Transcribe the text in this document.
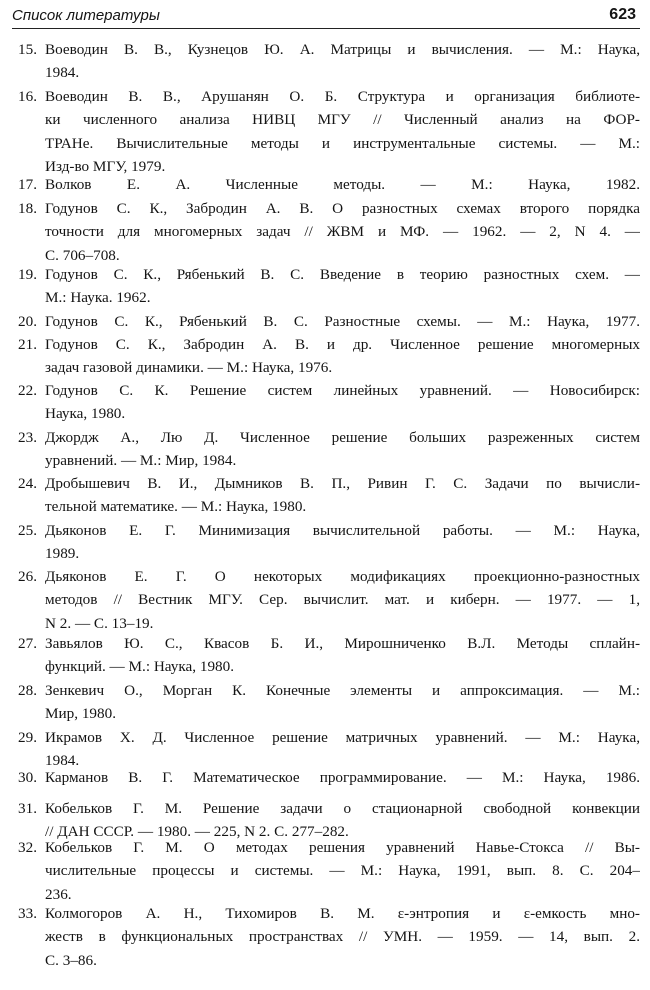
Список литературы	623
15. Воеводин В. В., Кузнецов Ю. А. Матрицы и вычисления. — М.: Наука,
1984.
16. Воеводин В. В., Арушанян О. Б. Структура и организация библиоте-
ки численного анализа НИВЦ МГУ // Численный анализ на ФОР-
ТРАНе. Вычислительные методы и инструментальные системы. — М.:
Изд-во МГУ, 1979.
17. Волков Е. А. Численные методы. — М.: Наука, 1982.
18. Годунов С. К., Забродин А. В. О разностных схемах второго порядка
точности для многомерных задач // ЖВМ и МФ. — 1962. — 2, N 4. —
С. 706–708.
19. Годунов С. К., Рябенький В. С. Введение в теорию разностных схем. —
М.: Наука. 1962.
20. Годунов С. К., Рябенький В. С. Разностные схемы. — М.: Наука, 1977.
21. Годунов С. К., Забродин А. В. и др. Численное решение многомерных
задач газовой динамики. — М.: Наука, 1976.
22. Годунов С. К. Решение систем линейных уравнений. — Новосибирск:
Наука, 1980.
23. Джордж А., Лю Д. Численное решение больших разреженных систем
уравнений. — М.: Мир, 1984.
24. Дробышевич В. И., Дымников В. П., Ривин Г. С. Задачи по вычисли-
тельной математике. — М.: Наука, 1980.
25. Дьяконов Е. Г. Минимизация вычислительной работы. — М.: Наука,
1989.
26. Дьяконов Е. Г. О некоторых модификациях проекционно-разностных
методов // Вестник МГУ. Сер. вычислит. мат. и киберн. — 1977. — 1,
N 2. — С. 13–19.
27. Завьялов Ю. С., Квасов Б. И., Мирошниченко В.Л. Методы сплайн-
функций. — М.: Наука, 1980.
28. Зенкевич О., Морган К. Конечные элементы и аппроксимация. — М.:
Мир, 1980.
29. Икрамов Х. Д. Численное решение матричных уравнений. — М.: Наука,
1984.
30. Карманов В. Г. Математическое программирование. — М.: Наука, 1986.
31. Кобельков Г. М. Решение задачи о стационарной свободной конвекции
// ДАН СССР. — 1980. — 225, N 2. С. 277–282.
32. Кобельков Г. М. О методах решения уравнений Навье-Стокса // Вы-
числительные процессы и системы. — М.: Наука, 1991, вып. 8. С. 204–
236.
33. Колмогоров А. Н., Тихомиров В. М. ε-энтропия и ε-емкость мно-
жеств в функциональных пространствах // УМН. — 1959. — 14, вып. 2.
С. 3–86.
